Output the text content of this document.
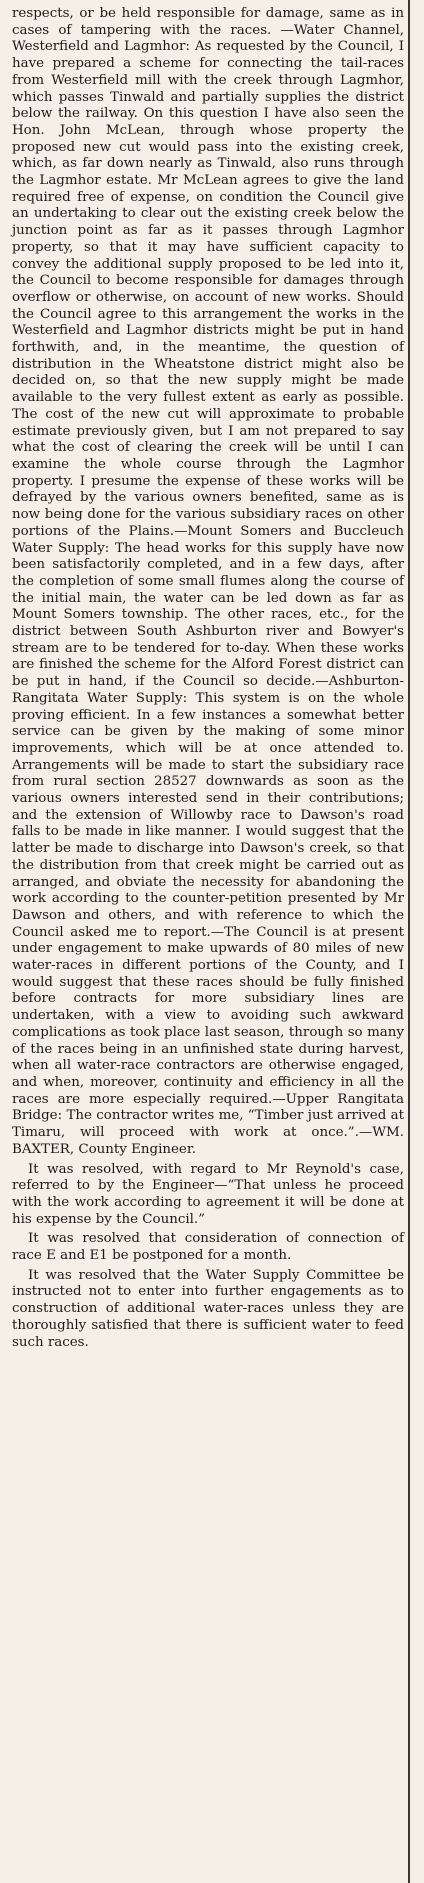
respects, or be held responsible for damage, same as in cases of tampering with the races. —Water Channel, Westerfield and Lagmhor: As requested by the Council, I have prepared a scheme for connecting the tail-races from Westerfield mill with the creek through Lagmhor, which passes Tinwald and partially supplies the district below the railway. On this question I have also seen the Hon. John McLean, through whose property the proposed new cut would pass into the existing creek, which, as far down nearly as Tinwald, also runs through the Lagmhor estate. Mr McLean agrees to give the land required free of expense, on condition the Council give an undertaking to clear out the existing creek below the junction point as far as it passes through Lagmhor property, so that it may have sufficient capacity to convey the additional supply proposed to be led into it, the Council to become responsible for damages through overflow or otherwise, on account of new works. Should the Council agree to this arrangement the works in the Westerfield and Lagmhor districts might be put in hand forthwith, and, in the meantime, the question of distribution in the Wheatstone district might also be decided on, so that the new supply might be made available to the very fullest extent as early as possible. The cost of the new cut will approximate to probable estimate previously given, but I am not prepared to say what the cost of clearing the creek will be until I can examine the whole course through the Lagmhor property. I presume the expense of these works will be defrayed by the various owners benefited, same as is now being done for the various subsidiary races on other portions of the Plains.—Mount Somers and Buccleuch Water Supply: The head works for this supply have now been satisfactorily completed, and in a few days, after the completion of some small flumes along the course of the initial main, the water can be led down as far as Mount Somers township. The other races, etc., for the district between South Ashburton river and Bowyer's stream are to be tendered for to-day. When these works are finished the scheme for the Alford Forest district can be put in hand, if the Council so decide.—Ashburton-Rangitata Water Supply: This system is on the whole proving efficient. In a few instances a somewhat better service can be given by the making of some minor improvements, which will be at once attended to. Arrangements will be made to start the subsidiary race from rural section 28527 downwards as soon as the various owners interested send in their contributions; and the extension of Willowby race to Dawson's road falls to be made in like manner. I would suggest that the latter be made to discharge into Dawson's creek, so that the distribution from that creek might be carried out as arranged, and obviate the necessity for abandoning the work according to the counter-petition presented by Mr Dawson and others, and with reference to which the Council asked me to report.—The Council is at present under engagement to make upwards of 80 miles of new water-races in different portions of the County, and I would suggest that these races should be fully finished before contracts for more subsidiary lines are undertaken, with a view to avoiding such awkward complications as took place last season, through so many of the races being in an unfinished state during harvest, when all water-race contractors are otherwise engaged, and when, moreover, continuity and efficiency in all the races are more especially required.—Upper Rangitata Bridge: The contractor writes me, “Timber just arrived at Timaru, will proceed with work at once.”.—WM. BAXTER, County Engineer.

It was resolved, with regard to Mr Reynold's case, referred to by the Engineer—“That unless he proceed with the work according to agreement it will be done at his expense by the Council.”

It was resolved that consideration of connection of race E and E1 be postponed for a month.

It was resolved that the Water Supply Committee be instructed not to enter into further engagements as to construction of additional water-races unless they are thoroughly satisfied that there is sufficient water to feed such races.
